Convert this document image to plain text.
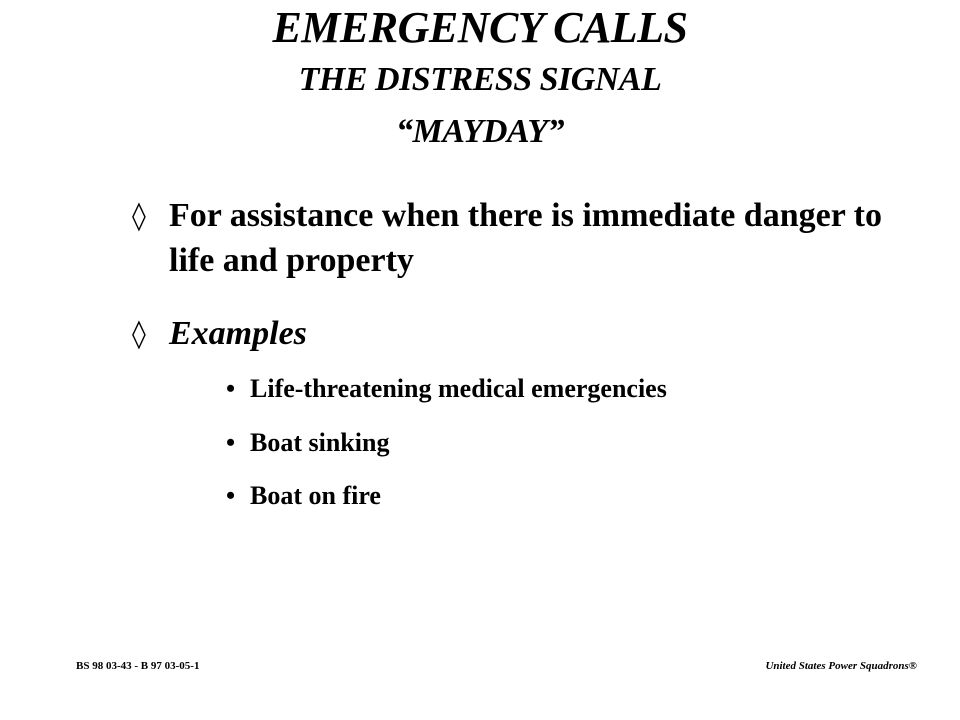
EMERGENCY CALLS
THE DISTRESS SIGNAL
“MAYDAY”
◊ For assistance when there is immediate danger to life and property
◊ Examples
• Life-threatening medical emergencies
• Boat sinking
• Boat on fire
BS 98 03-43 - B 97 03-05-1	United States Power Squadrons®
